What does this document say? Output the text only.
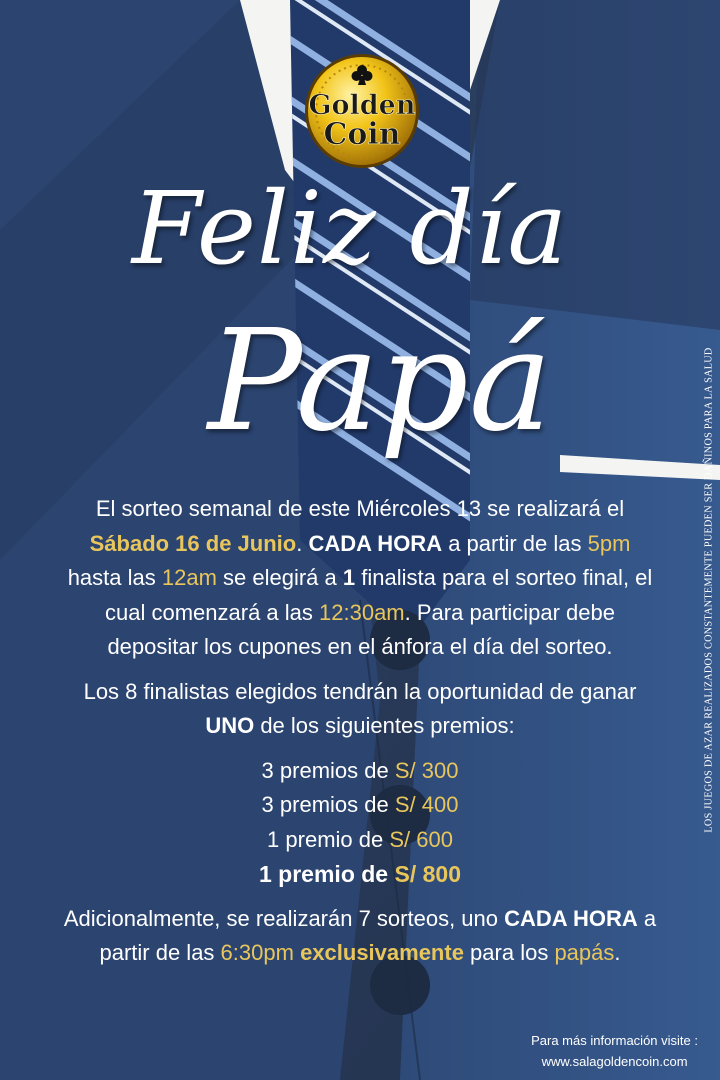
Golden
Coin
Feliz día
Papá

El sorteo semanal de este Miércoles 13 se realizará el Sábado 16 de Junio. CADA HORA a partir de las 5pm hasta las 12am se elegirá a 1 finalista para el sorteo final, el cual comenzará a las 12:30am. Para participar debe depositar los cupones en el ánfora el día del sorteo.

Los 8 finalistas elegidos tendrán la oportunidad de ganar UNO de los siguientes premios:

3 premios de S/ 300

3 premios de S/ 400

1 premio de S/ 600

1 premio de S/ 800

Adicionalmente, se realizarán 7 sorteos, uno CADA HORA a partir de las 6:30pm exclusivamente para los papás.

LOS JUEGOS DE AZAR REALIZADOS CONSTANTEMENTE PUEDEN SER DAÑINOS PARA LA SALUD
Para más información visite :
www.salagoldencoin.com
